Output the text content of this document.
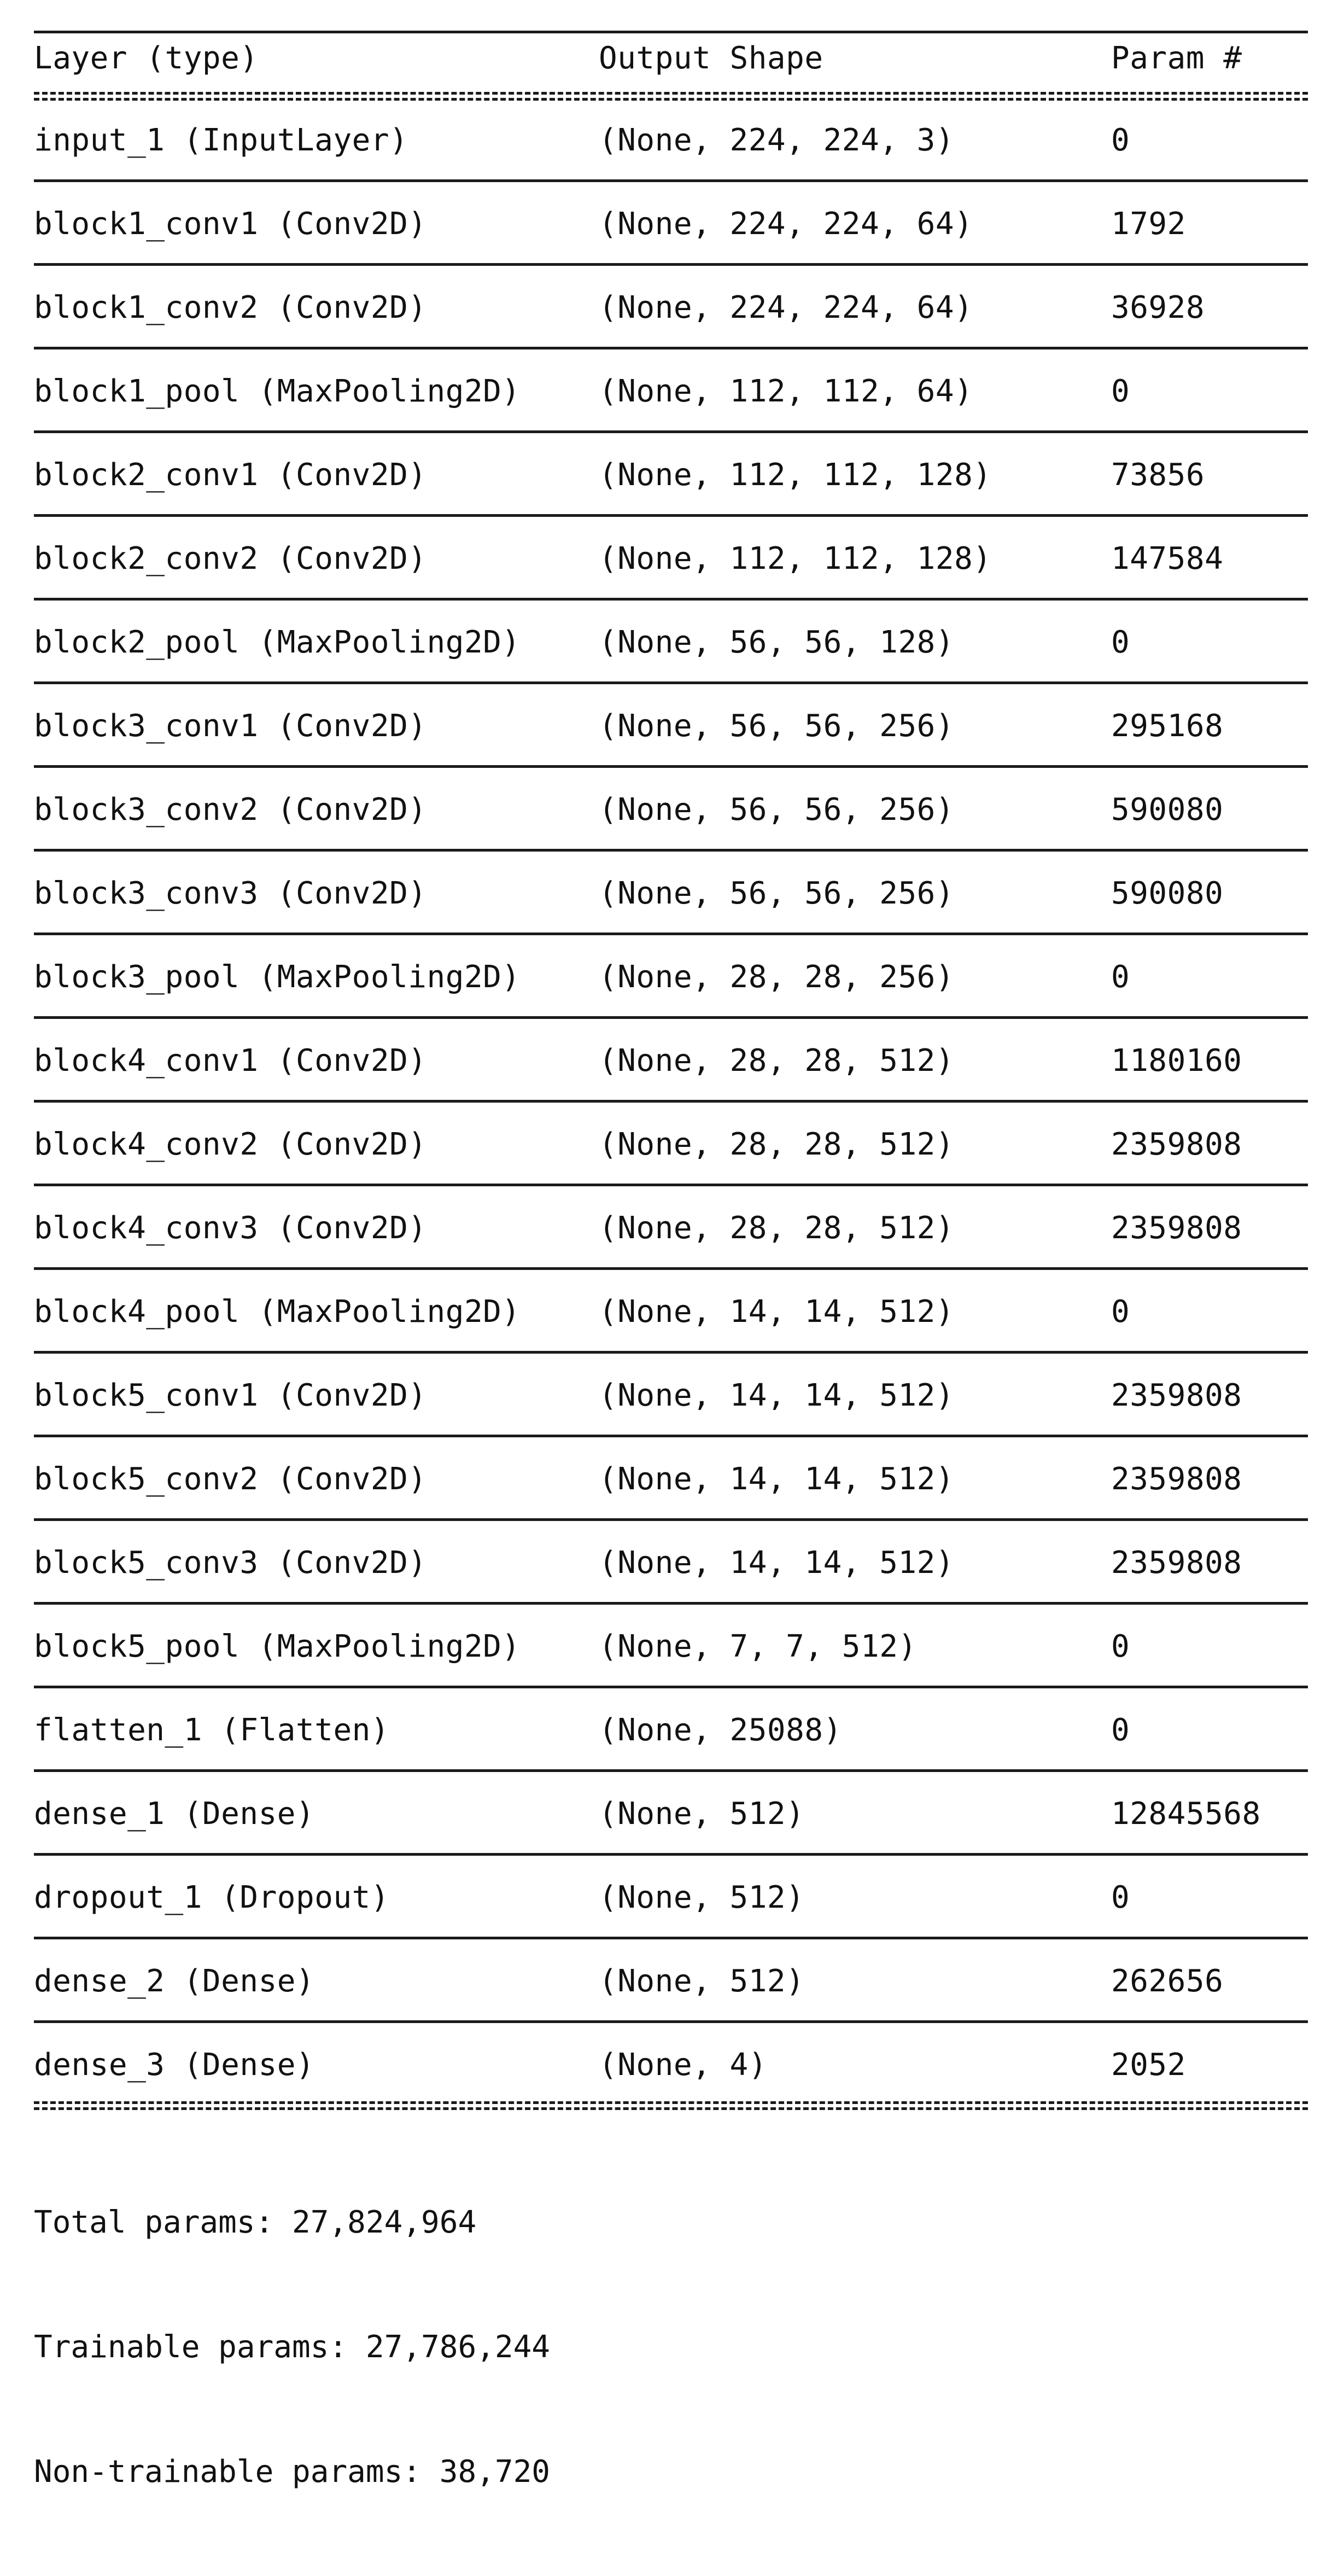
Layer (type)	Output Shape	Param #
input_1 (InputLayer)	(None, 224, 224, 3)	0
block1_conv1 (Conv2D)	(None, 224, 224, 64)	1792
block1_conv2 (Conv2D)	(None, 224, 224, 64)	36928
block1_pool (MaxPooling2D)	(None, 112, 112, 64)	0
block2_conv1 (Conv2D)	(None, 112, 112, 128)	73856
block2_conv2 (Conv2D)	(None, 112, 112, 128)	147584
block2_pool (MaxPooling2D)	(None, 56, 56, 128)	0
block3_conv1 (Conv2D)	(None, 56, 56, 256)	295168
block3_conv2 (Conv2D)	(None, 56, 56, 256)	590080
block3_conv3 (Conv2D)	(None, 56, 56, 256)	590080
block3_pool (MaxPooling2D)	(None, 28, 28, 256)	0
block4_conv1 (Conv2D)	(None, 28, 28, 512)	1180160
block4_conv2 (Conv2D)	(None, 28, 28, 512)	2359808
block4_conv3 (Conv2D)	(None, 28, 28, 512)	2359808
block4_pool (MaxPooling2D)	(None, 14, 14, 512)	0
block5_conv1 (Conv2D)	(None, 14, 14, 512)	2359808
block5_conv2 (Conv2D)	(None, 14, 14, 512)	2359808
block5_conv3 (Conv2D)	(None, 14, 14, 512)	2359808
block5_pool (MaxPooling2D)	(None, 7, 7, 512)	0
flatten_1 (Flatten)	(None, 25088)	0
dense_1 (Dense)	(None, 512)	12845568
dropout_1 (Dropout)	(None, 512)	0
dense_2 (Dense)	(None, 512)	262656
dense_3 (Dense)	(None, 4)	2052

Total params: 27,824,964

Trainable params: 27,786,244

Non-trainable params: 38,720
